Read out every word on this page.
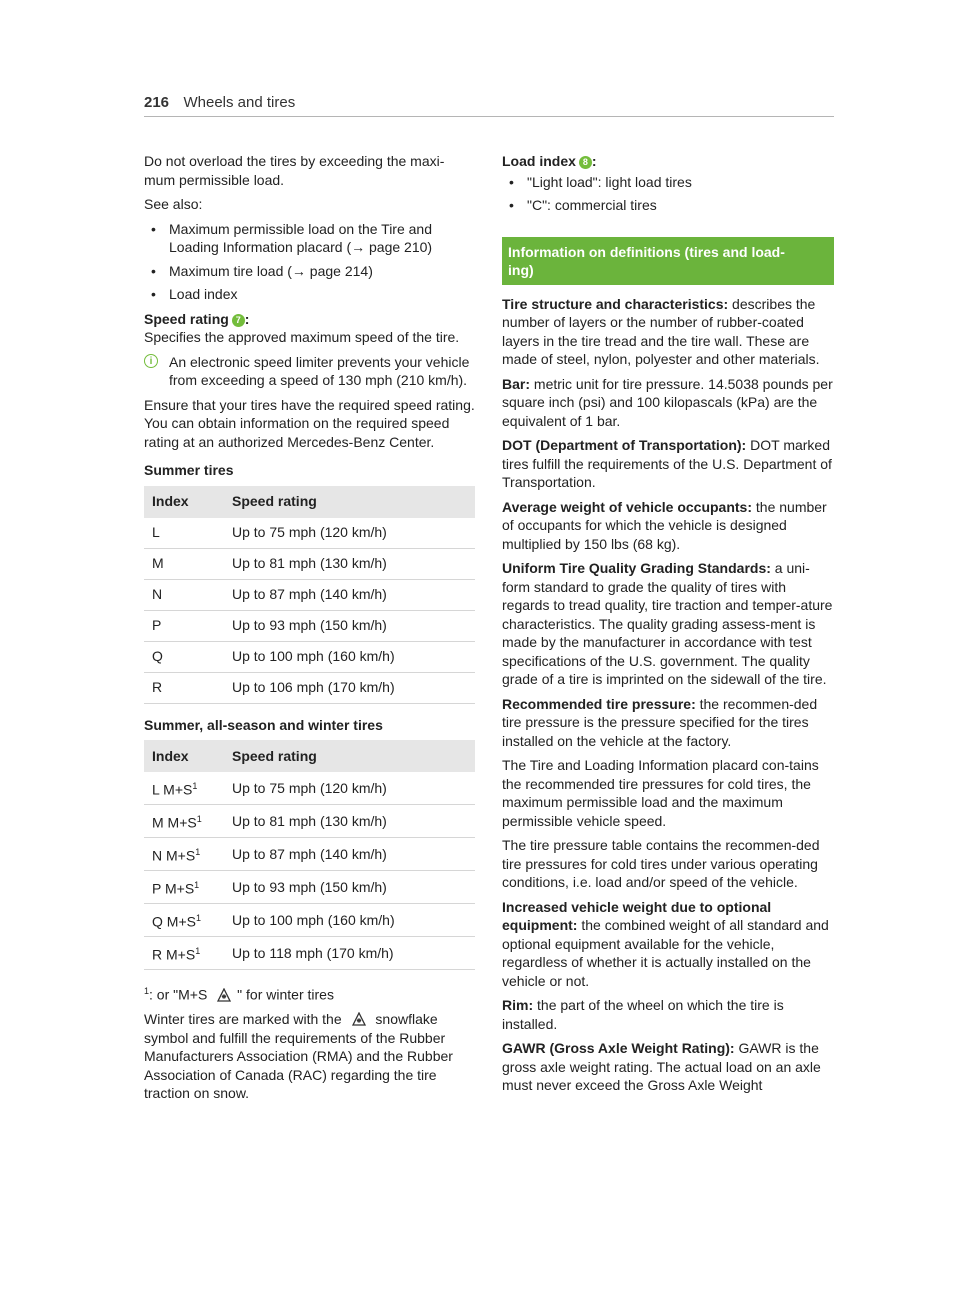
216 Wheels and tires

Do not overload the tires by exceeding the maxi-
mum permissible load.

See also:

• Maximum permissible load on the Tire and Loading Information placard (→ page 210)
• Maximum tire load (→ page 214)
• Load index

Speed rating 7 :

Specifies the approved maximum speed of the tire.

i	An electronic speed limiter prevents your vehicle from exceeding a speed of 130 mph (210 km/h).

Ensure that your tires have the required speed rating. You can obtain information on the required speed rating at an authorized Mercedes-Benz Center.

Summer tires
Index	Speed rating
L	Up to 75 mph (120 km/h)
M	Up to 81 mph (130 km/h)
N	Up to 87 mph (140 km/h)
P	Up to 93 mph (150 km/h)
Q	Up to 100 mph (160 km/h)
R	Up to 106 mph (170 km/h)
Summer, all-season and winter tires
Index	Speed rating
L $M+S^1$	Up to 75 mph (120 km/h)
M $M+S^1$	Up to 81 mph (130 km/h)
N $M+S^1$	Up to 87 mph (140 km/h)
P $M+S^1$	Up to 93 mph (150 km/h)
Q $M+S^1$	Up to 100 mph (160 km/h)
R $M+S^1$	Up to 118 mph (170 km/h)

$^1$: or "M+S " for winter tires

Winter tires are marked with the snowflake symbol and fulfill the requirements of the Rubber Manufacturers Association (RMA) and the Rubber Association of Canada (RAC) regarding the tire traction on snow.

Load index 8 :

• "Light load": light load tires
• "C": commercial tires
Information on definitions (tires and load-
ing)

Tire structure and characteristics: describes the number of layers or the number of rubber-coated layers in the tire tread and the tire wall. These are made of steel, nylon, polyester and other materials.

Bar: metric unit for tire pressure. 14.5038 pounds per square inch (psi) and 100 kilopascals (kPa) are the equivalent of 1 bar.

DOT (Department of Transportation): DOT marked tires fulfill the requirements of the U.S. Department of Transportation.

Average weight of vehicle occupants: the number of occupants for which the vehicle is designed multiplied by 150 lbs (68 kg).

Uniform Tire Quality Grading Standards: a uni-form standard to grade the quality of tires with regards to tread quality, tire traction and temper-ature characteristics. The quality grading assess-ment is made by the manufacturer in accordance with test specifications of the U.S. government. The quality grade of a tire is imprinted on the sidewall of the tire.

Recommended tire pressure: the recommen-ded tire pressure is the pressure specified for the tires installed on the vehicle at the factory.

The Tire and Loading Information placard con-tains the recommended tire pressures for cold tires, the maximum permissible load and the maximum permissible vehicle speed.

The tire pressure table contains the recommen-ded tire pressures for cold tires under various operating conditions, i.e. load and/or speed of the vehicle.

Increased vehicle weight due to optional equipment: the combined weight of all standard and optional equipment available for the vehicle, regardless of whether it is actually installed on the vehicle or not.

Rim: the part of the wheel on which the tire is installed.

GAWR (Gross Axle Weight Rating): GAWR is the gross axle weight rating. The actual load on an axle must never exceed the Gross Axle Weight
